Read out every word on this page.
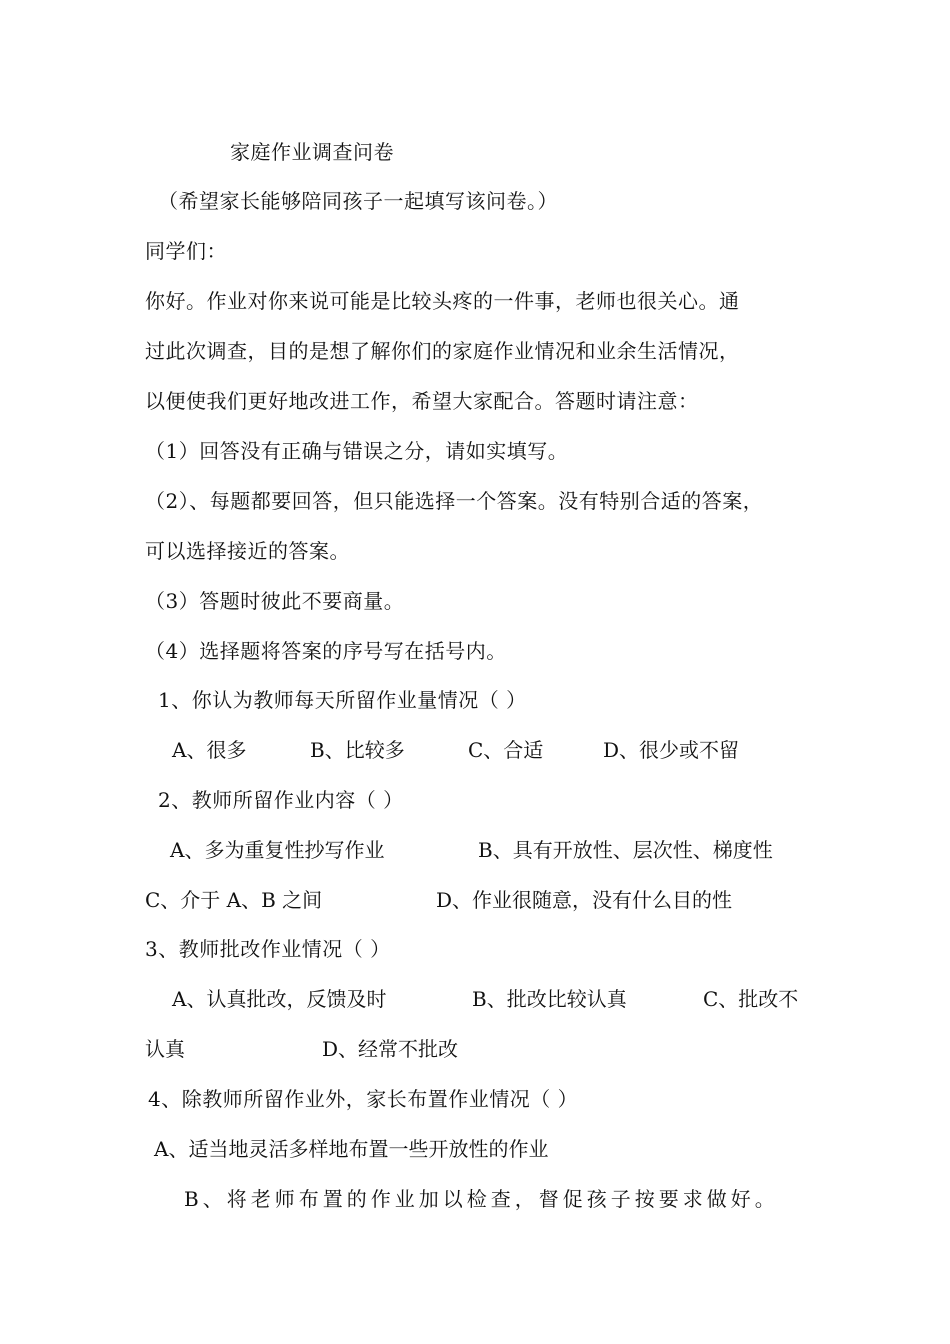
家庭作业调查问卷
（希望家长能够陪同孩子一起填写该问卷。）
同学们：
你好。作业对你来说可能是比较头疼的一件事，老师也很关心。通
过此次调查，目的是想了解你们的家庭作业情况和业余生活情况，
以便使我们更好地改进工作，希望大家配合。答题时请注意：
（1）回答没有正确与错误之分，请如实填写。
（2）、每题都要回答，但只能选择一个答案。没有特别合适的答案，
可以选择接近的答案。
（3）答题时彼此不要商量。
（4）选择题将答案的序号写在括号内。
1、你认为教师每天所留作业量情况（ ）
A、很多	B、比较多	C、合适	D、很少或不留
2、教师所留作业内容（ ）
A、多为重复性抄写作业	B、具有开放性、层次性、梯度性
C、介于 A、B 之间	D、作业很随意，没有什么目的性
3、教师批改作业情况（ ）
A、认真批改，反馈及时	B、批改比较认真	C、批改不
认真	D、经常不批改
4、除教师所留作业外，家长布置作业情况（ ）
A、适当地灵活多样地布置一些开放性的作业
B、将老师布置的作业加以检查，督促孩子按要求做好。
